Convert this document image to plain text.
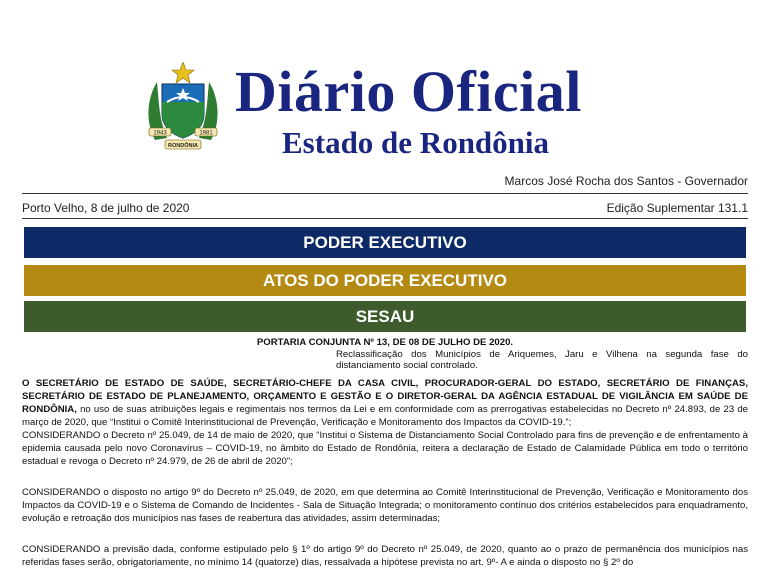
1943	1981
RONDÔNIA
Diário Oficial
Estado de Rondônia
Marcos José Rocha dos Santos - Governador
Porto Velho, 8 de julho de 2020	Edição Suplementar 131.1
PODER EXECUTIVO
ATOS DO PODER EXECUTIVO
SESAU

PORTARIA CONJUNTA Nº 13, DE 08 DE JULHO DE 2020.

Reclassificação dos Municípios de Ariquemes, Jaru e Vilhena na segunda fase do distanciamento social controlado.

O SECRETÁRIO DE ESTADO DE SAÚDE, SECRETÁRIO-CHEFE DA CASA CIVIL, PROCURADOR-GERAL DO ESTADO, SECRETÁRIO DE FINANÇAS, SECRETÁRIO DE ESTADO DE PLANEJAMENTO, ORÇAMENTO E GESTÃO E O DIRETOR-GERAL DA AGÊNCIA ESTADUAL DE VIGILÂNCIA EM SAÚDE DE RONDÔNIA, no uso de suas atribuições legais e regimentais nos termos da Lei e em conformidade com as prerrogativas estabelecidas no Decreto nº 24.893, de 23 de março de 2020, que “Institui o Comitê Interinstitucional de Prevenção, Verificação e Monitoramento dos Impactos da COVID-19.”;

CONSIDERANDO o Decreto nº 25.049, de 14 de maio de 2020, que “Institui o Sistema de Distanciamento Social Controlado para fins de prevenção e de enfrentamento à epidemia causada pelo novo Coronavírus – COVID-19, no âmbito do Estado de Rondônia, reitera a declaração de Estado de Calamidade Pública em todo o território estadual e revoga o Decreto nº 24.979, de 26 de abril de 2020”;

CONSIDERANDO o disposto no artigo 9º do Decreto nº 25.049, de 2020, em que determina ao Comitê Interinstitucional de Prevenção, Verificação e Monitoramento dos Impactos da COVID-19 e o Sistema de Comando de Incidentes - Sala de Situação Integrada; o monitoramento contínuo dos critérios estabelecidos para enquadramento, evolução e retroação dos municípios nas fases de reabertura das atividades, assim determinadas;

CONSIDERANDO a previsão dada, conforme estipulado pelo § 1º do artigo 9º do Decreto nº 25.049, de 2020, quanto ao o prazo de permanência dos municípios nas referidas fases serão, obrigatoriamente, no mínimo 14 (quatorze) dias, ressalvada a hipótese prevista no art. 9º- A e ainda o disposto no § 2º do
